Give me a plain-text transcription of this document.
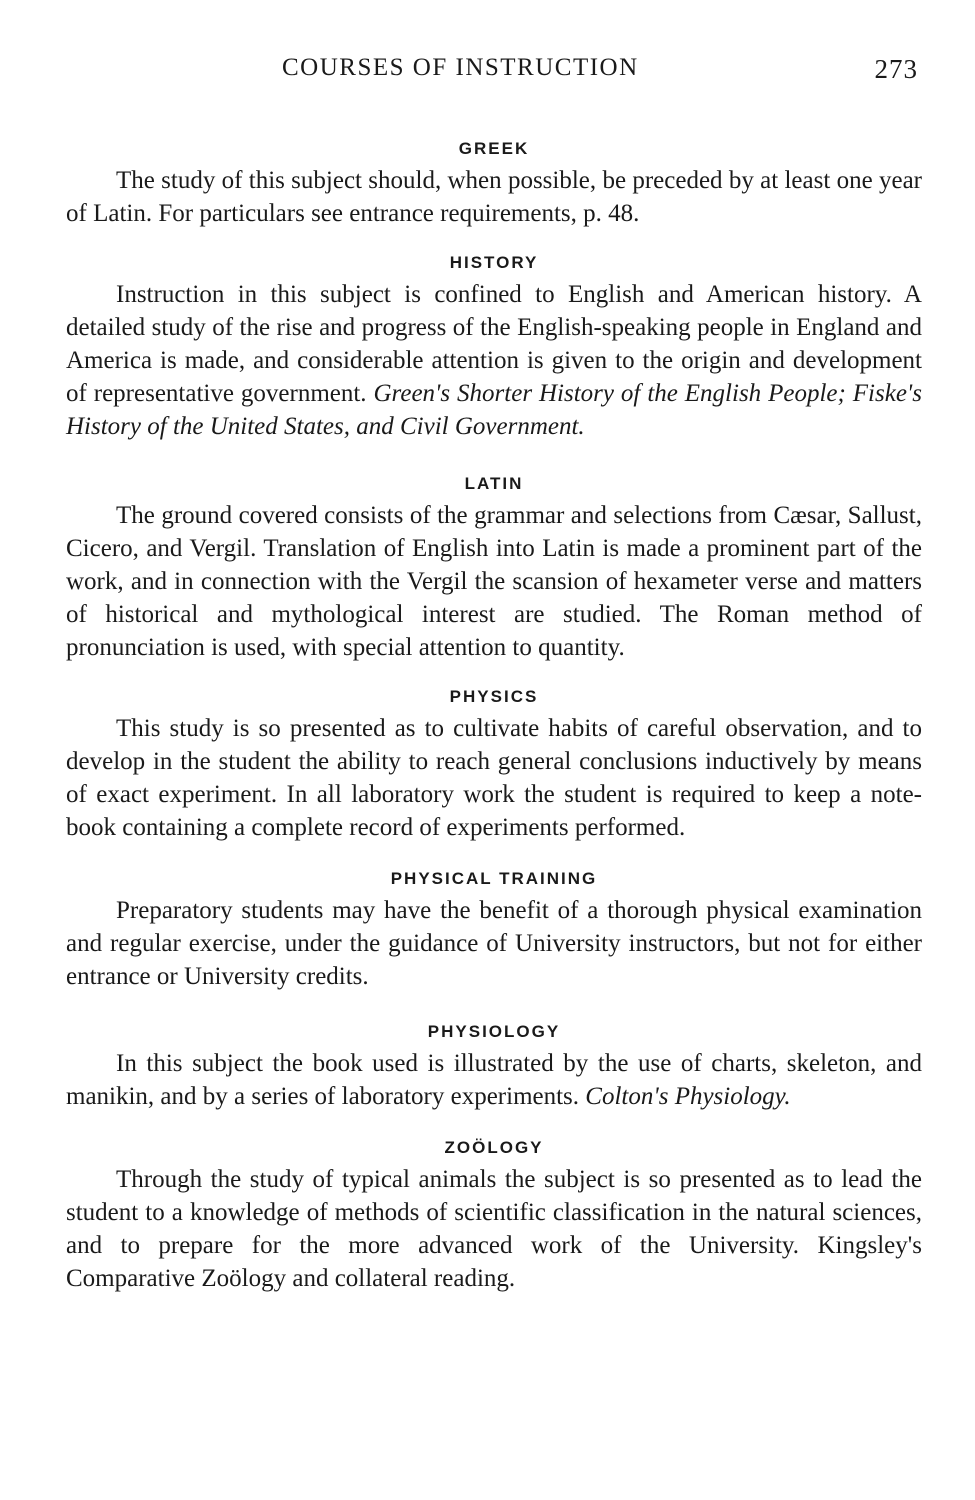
COURSES OF INSTRUCTION	273
GREEK

The study of this subject should, when possible, be preceded by at least one year of Latin. For particulars see entrance requirements, p. 48.

HISTORY

Instruction in this subject is confined to English and American history. A detailed study of the rise and progress of the English-speaking people in England and America is made, and considerable attention is given to the origin and development of representative government. Green's Shorter History of the English People; Fiske's History of the United States, and Civil Government.

LATIN

The ground covered consists of the grammar and selections from Cæsar, Sallust, Cicero, and Vergil. Translation of English into Latin is made a prominent part of the work, and in connection with the Vergil the scansion of hexameter verse and matters of historical and mythological interest are studied. The Roman method of pronunciation is used, with special attention to quantity.

PHYSICS

This study is so presented as to cultivate habits of careful observation, and to develop in the student the ability to reach general conclusions inductively by means of exact experiment. In all laboratory work the student is required to keep a note-book containing a complete record of experiments performed.

PHYSICAL TRAINING

Preparatory students may have the benefit of a thorough physical examination and regular exercise, under the guidance of University instructors, but not for either entrance or University credits.

PHYSIOLOGY

In this subject the book used is illustrated by the use of charts, skeleton, and manikin, and by a series of laboratory experiments. Colton's Physiology.

ZOÖLOGY

Through the study of typical animals the subject is so presented as to lead the student to a knowledge of methods of scientific classification in the natural sciences, and to prepare for the more advanced work of the University. Kingsley's Comparative Zoölogy and collateral reading.
